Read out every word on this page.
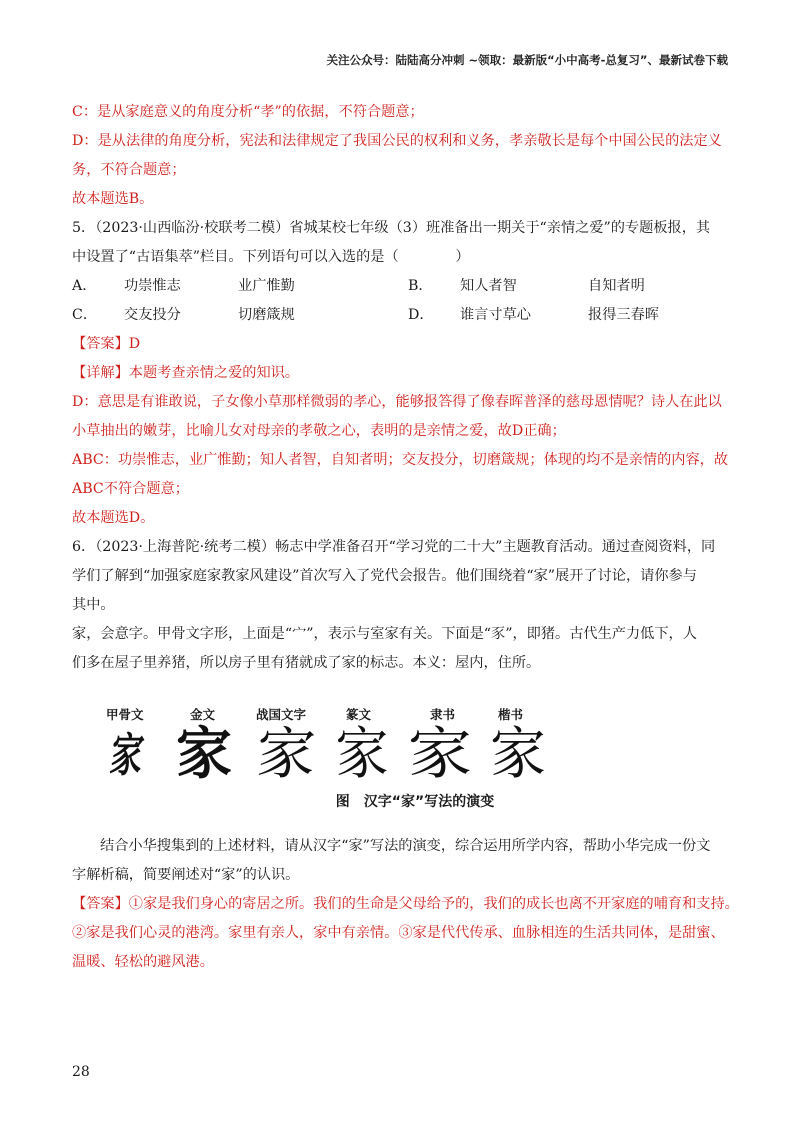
关注公众号：陆陆高分冲刺 ~领取：最新版“小中高考-总复习”、最新试卷下载

C：是从家庭意义的角度分析“孝”的依据，不符合题意；

D：是从法律的角度分析，宪法和法律规定了我国公民的权利和义务，孝亲敬长是每个中国公民的法定义

务，不符合题意；

故本题选B。

5．（2023·山西临汾·校联考二模）省城某校七年级（3）班准备出一期关于“亲情之爱”的专题板报，其

中设置了“古语集萃”栏目。下列语句可以入选的是（　　　　）

A．	功崇惟志	业广惟勤	B．	知人者智	自知者明
C．	交友投分	切磨箴规	D．	谁言寸草心	报得三春晖

【答案】D

【详解】本题考查亲情之爱的知识。

D：意思是有谁敢说，子女像小草那样微弱的孝心，能够报答得了像春晖普泽的慈母恩情呢？诗人在此以

小草抽出的嫩芽，比喻儿女对母亲的孝敬之心，表明的是亲情之爱，故D正确；

ABC：功崇惟志，业广惟勤；知人者智，自知者明；交友投分，切磨箴规；体现的均不是亲情的内容，故

ABC不符合题意；

故本题选D。

6．（2023·上海普陀·统考二模）畅志中学准备召开“学习党的二十大”主题教育活动。通过查阅资料，同

学们了解到“加强家庭家教家风建设”首次写入了党代会报告。他们围绕着“家”展开了讨论，请你参与

其中。

家，会意字。甲骨文字形，上面是“宀”，表示与室家有关。下面是“豕”，即猪。古代生产力低下，人

们多在屋子里养猪，所以房子里有猪就成了家的标志。本义：屋内，住所。

甲骨文	金文	战国文字	篆文	隶书	楷书
家 家 家 家 家 家
图　汉字“家”写法的演变

结合小华搜集到的上述材料，请从汉字“家”写法的演变，综合运用所学内容，帮助小华完成一份文

字解析稿，简要阐述对“家”的认识。

【答案】①家是我们身心的寄居之所。我们的生命是父母给予的，我们的成长也离不开家庭的哺育和支持。

②家是我们心灵的港湾。家里有亲人，家中有亲情。③家是代代传承、血脉相连的生活共同体，是甜蜜、

温暖、轻松的避风港。

28
